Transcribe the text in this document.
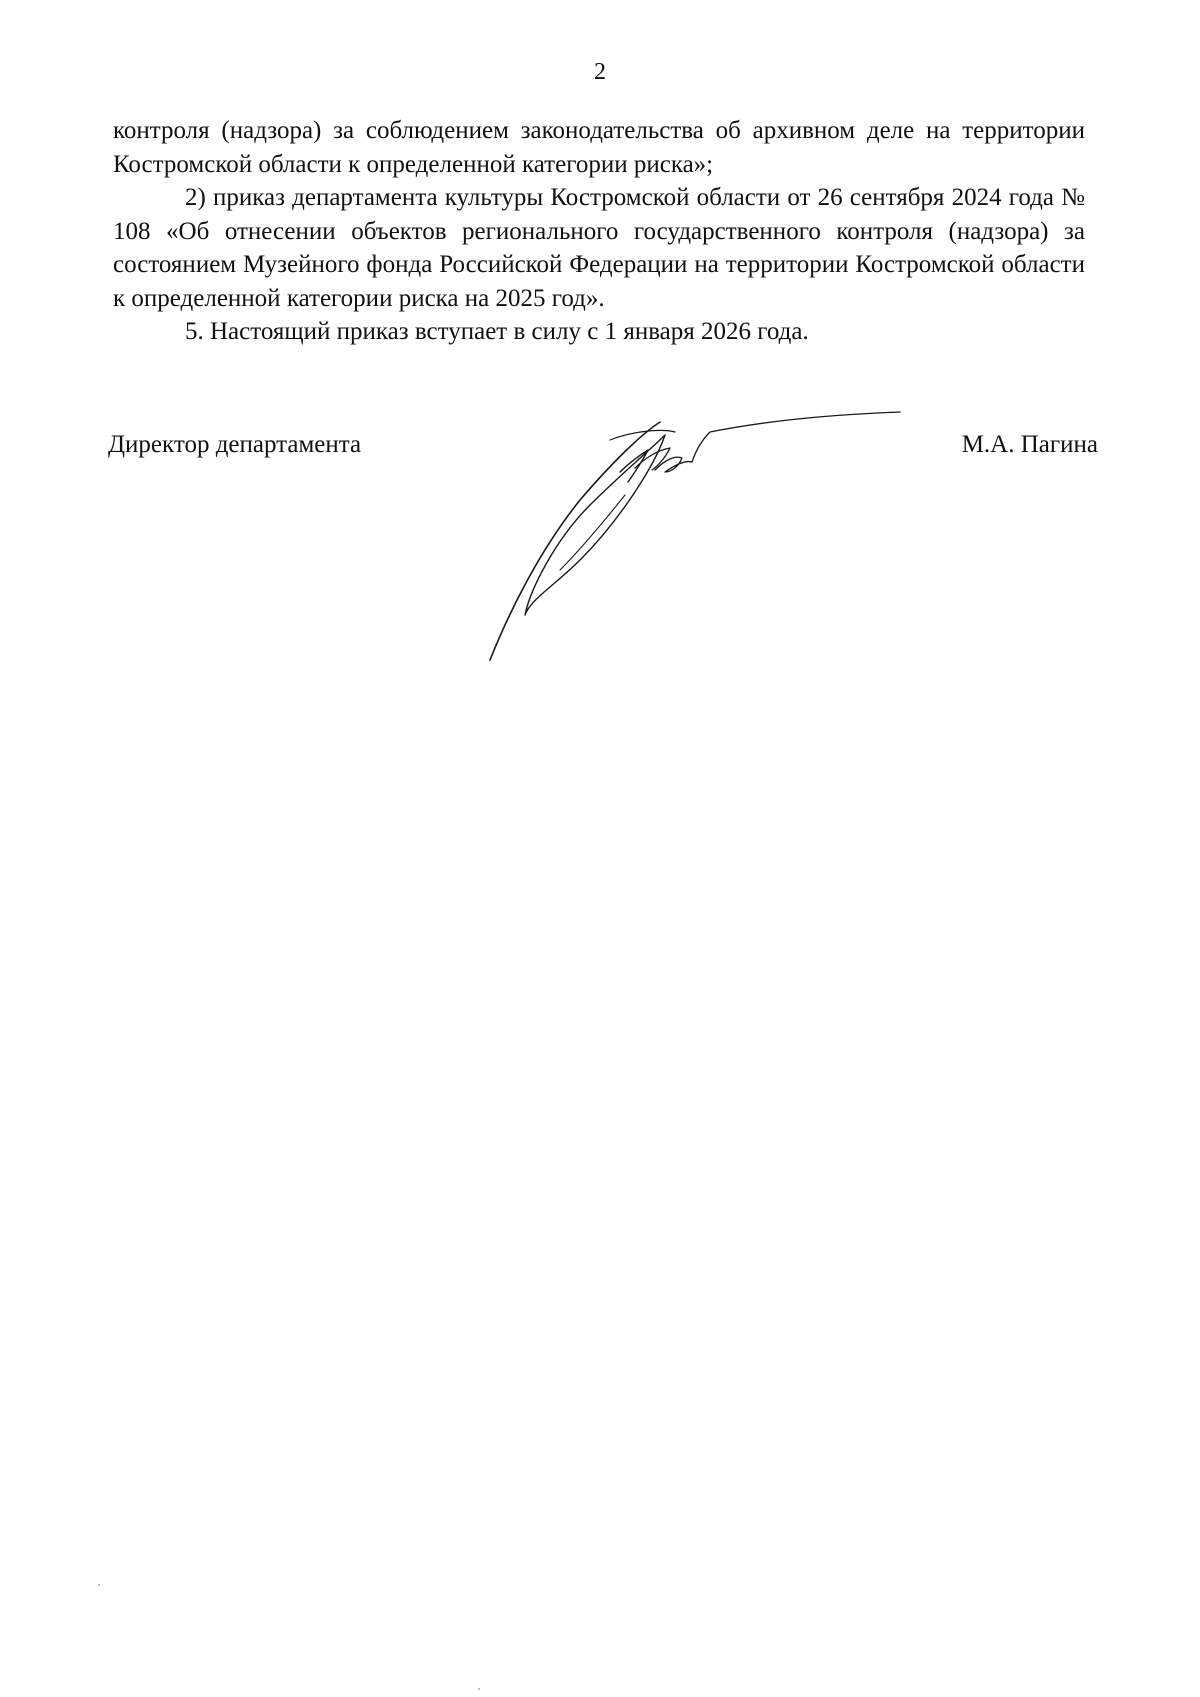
2

контроля (надзора) за соблюдением законодательства об архивном деле на территории Костромской области к определенной категории риска»;

2) приказ департамента культуры Костромской области от 26 сентября 2024 года № 108 «Об отнесении объектов регионального государственного контроля (надзора) за состоянием Музейного фонда Российской Федерации на территории Костромской области к определенной категории риска на 2025 год».

5. Настоящий приказ вступает в силу с 1 января 2026 года.

Директор департамента	М.А. Пагина
